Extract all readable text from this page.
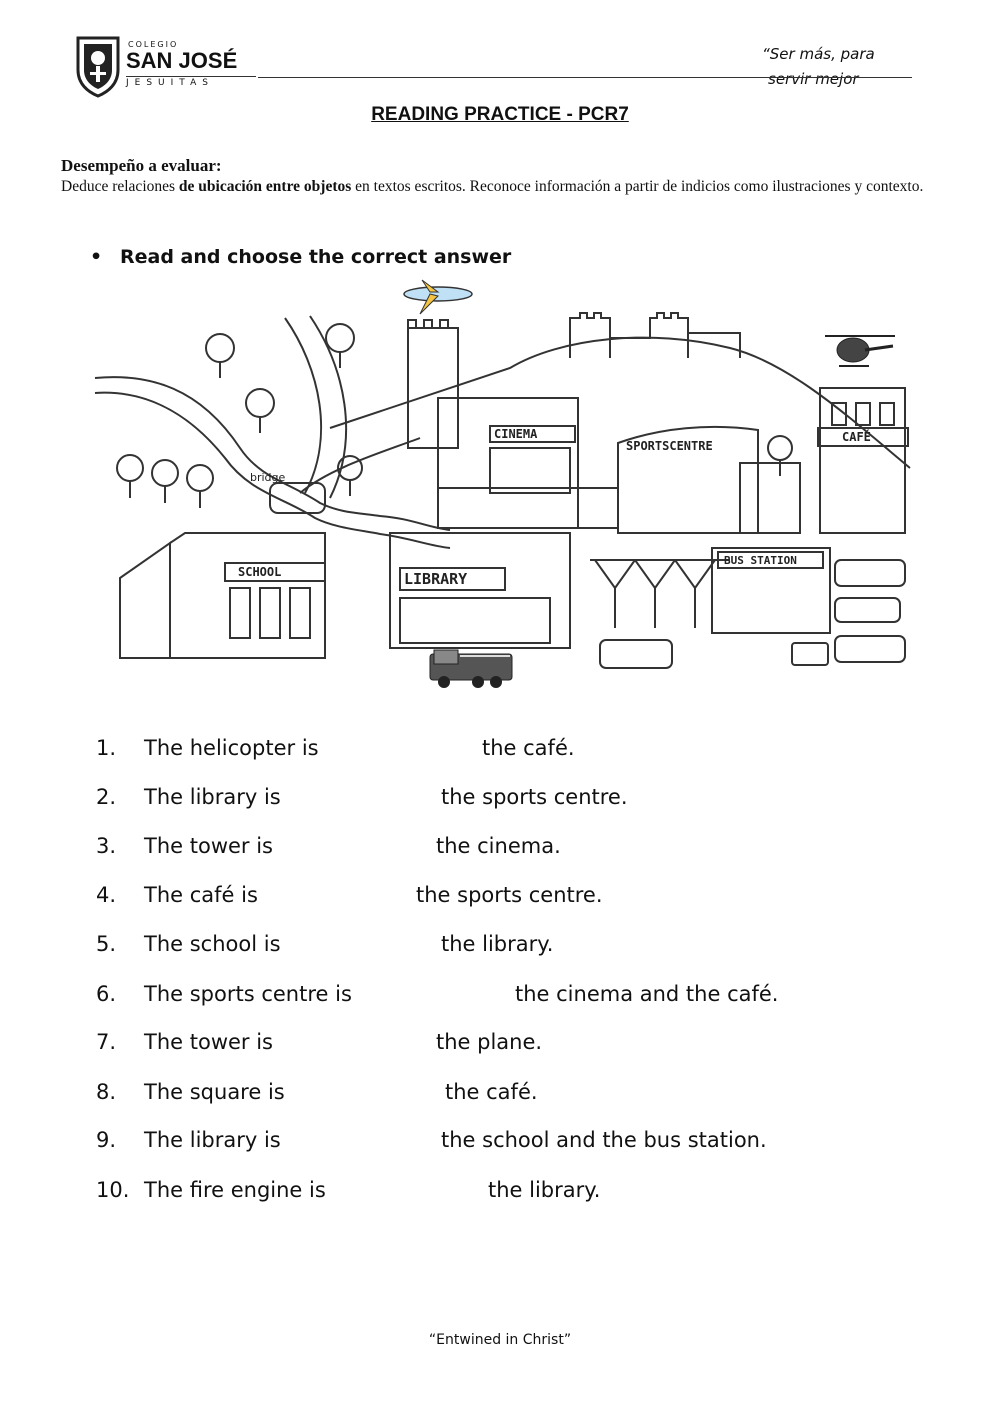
COLEGIO
SAN JOSÉ
JESUITAS
“Ser más, para
servir mejor
READING PRACTICE - PCR7
Desempeño a evaluar:
Deduce relaciones de ubicación entre objetos en textos escritos. Reconoce información a partir de indicios como ilustraciones y contexto.
• Read and choose the correct answer
CINEMA
SPORTSCENTRE
CAFÉ
SCHOOL	LIBRARY
BUS STATION
bridge
1. The helicopter is	the café.
2. The library is	the sports centre.
3. The tower is	the cinema.
4. The café is	the sports centre.
5. The school is	the library.
6. The sports centre is	the cinema and the café.
7. The tower is	the plane.
8. The square is	the café.
9. The library is	the school and the bus station.
10. The fire engine is	the library.
“Entwined in Christ”
